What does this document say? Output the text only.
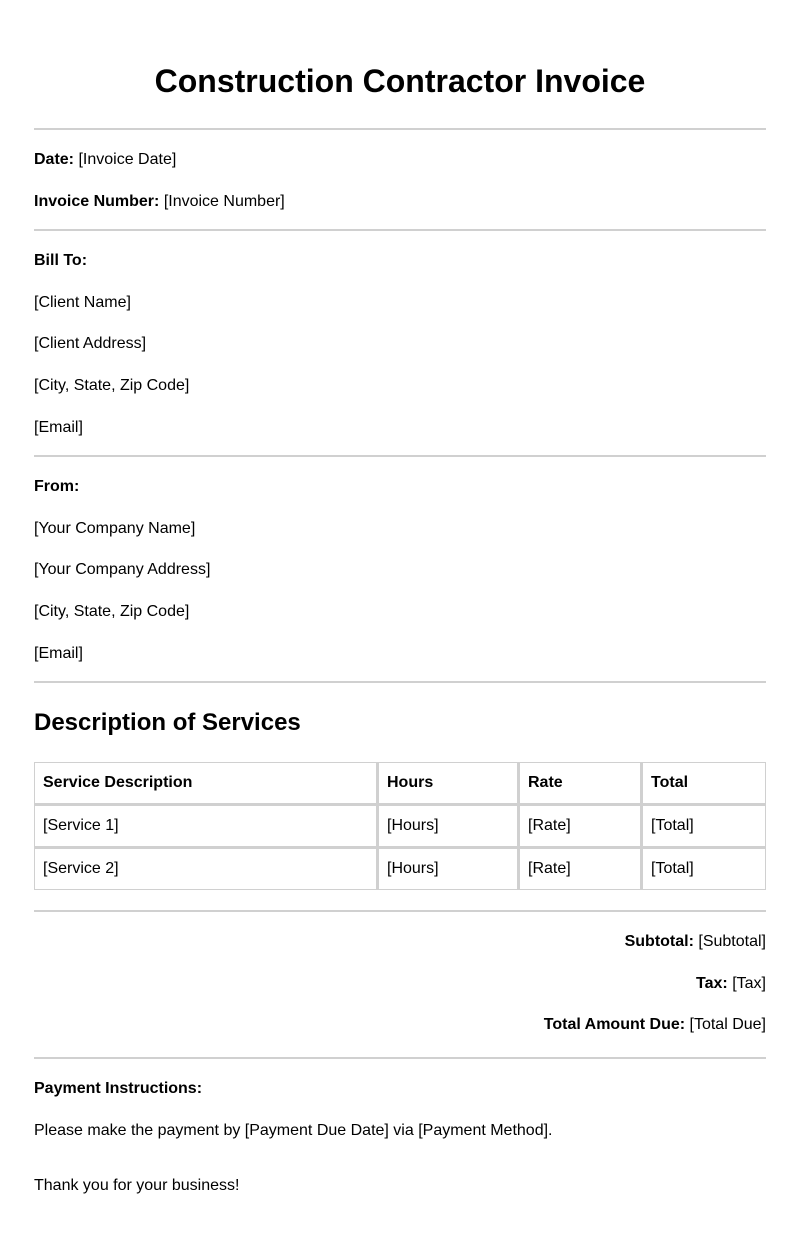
Construction Contractor Invoice
Date: [Invoice Date]
Invoice Number: [Invoice Number]
Bill To:
[Client Name]
[Client Address]
[City, State, Zip Code]
[Email]
From:
[Your Company Name]
[Your Company Address]
[City, State, Zip Code]
[Email]
Description of Services
Service Description	Hours	Rate	Total
[Service 1]	[Hours]	[Rate]	[Total]
[Service 2]	[Hours]	[Rate]	[Total]
Subtotal: [Subtotal]
Tax: [Tax]
Total Amount Due: [Total Due]
Payment Instructions:
Please make the payment by [Payment Due Date] via [Payment Method].
Thank you for your business!
